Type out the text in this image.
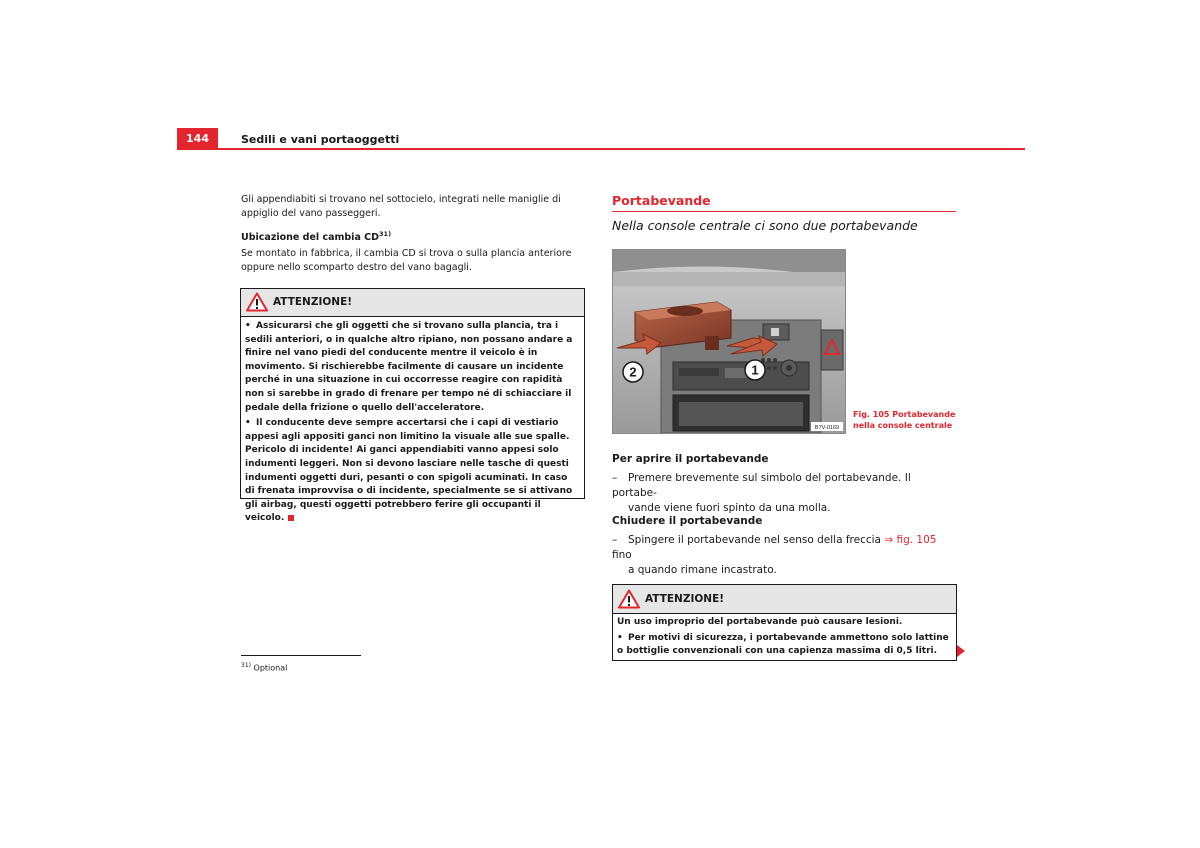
144	Sedili e vani portaoggetti
Gli appendiabiti si trovano nel sottocielo, integrati nelle maniglie di appiglio del vano passeggeri.
Ubicazione del cambia CD$^{31)}$
Se montato in fabbrica, il cambia CD si trova o sulla plancia anteriore oppure nello scomparto destro del vano bagagli.
ATTENZIONE!

• Assicurarsi che gli oggetti che si trovano sulla plancia, tra i sedili anteriori, o in qualche altro ripiano, non possano andare a finire nel vano piedi del conducente mentre il veicolo è in movimento. Si rischierebbe facilmente di causare un incidente perché in una situazione in cui occorresse reagire con rapidità non si sarebbe in grado di frenare per tempo né di schiacciare il pedale della frizione o quello dell'acceleratore.

• Il conducente deve sempre accertarsi che i capi di vestiario appesi agli appositi ganci non limitino la visuale alle sue spalle. Pericolo di incidente! Ai ganci appendiabiti vanno appesi solo indumenti leggeri. Non si devono lasciare nelle tasche di questi indumenti oggetti duri, pesanti o con spigoli acuminati. In caso di frenata improvvisa o di incidente, specialmente se si attivano gli airbag, questi oggetti potrebbero ferire gli occupanti il veicolo.

$^{31)}$ Optional
Portabevande
Nella console centrale ci sono due portabevande
2	1
B7V-0169
Fig. 105 Portabevande
nella console centrale
Per aprire il portabevande
– Premere brevemente sul simbolo del portabevande. Il portabe-
vande viene fuori spinto da una molla.
Chiudere il portabevande
– Spingere il portabevande nel senso della freccia ⇒ fig. 105 fino
a quando rimane incastrato.
ATTENZIONE!

Un uso improprio del portabevande può causare lesioni.

• Per motivi di sicurezza, i portabevande ammettono solo lattine o bottiglie convenzionali con una capienza massima di 0,5 litri.
